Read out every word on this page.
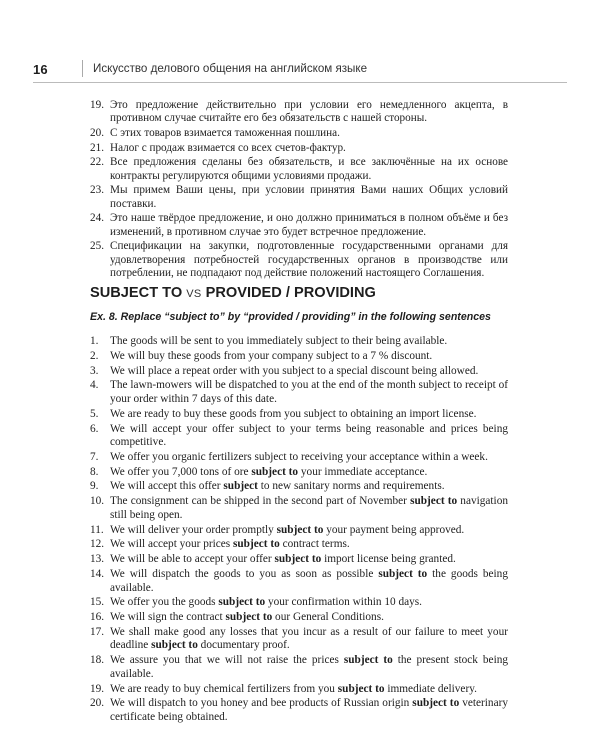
16	Искусство делового общения на английском языке
19. Это предложение действительно при условии его немедленного акцепта, в противном случае считайте его без обязательств с нашей стороны.
20. С этих товаров взимается таможенная пошлина.
21. Налог с продаж взимается со всех счетов-фактур.
22. Все предложения сделаны без обязательств, и все заключённые на их основе контракты регулируются общими условиями продажи.
23. Мы примем Ваши цены, при условии принятия Вами наших Общих условий поставки.
24. Это наше твёрдое предложение, и оно должно приниматься в полном объёме и без изменений, в противном случае это будет встречное предложение.
25. Спецификации на закупки, подготовленные государственными органами для удовлетворения потребностей государственных органов в производстве или потреблении, не подпадают под действие положений настоящего Соглашения.
SUBJECT TO VS PROVIDED / PROVIDING
Ex. 8. Replace “subject to” by “provided / providing” in the following sentences
1. The goods will be sent to you immediately subject to their being available.
2. We will buy these goods from your company subject to a 7 % discount.
3. We will place a repeat order with you subject to a special discount being allowed.
4. The lawn-mowers will be dispatched to you at the end of the month subject to receipt of your order within 7 days of this date.
5. We are ready to buy these goods from you subject to obtaining an import license.
6. We will accept your offer subject to your terms being reasonable and prices being competitive.
7. We offer you organic fertilizers subject to receiving your acceptance within a week.
8. We offer you 7,000 tons of ore subject to your immediate acceptance.
9. We will accept this offer subject to new sanitary norms and requirements.
10. The consignment can be shipped in the second part of November subject to navigation still being open.
11. We will deliver your order promptly subject to your payment being approved.
12. We will accept your prices subject to contract terms.
13. We will be able to accept your offer subject to import license being granted.
14. We will dispatch the goods to you as soon as possible subject to the goods being available.
15. We offer you the goods subject to your confirmation within 10 days.
16. We will sign the contract subject to our General Conditions.
17. We shall make good any losses that you incur as a result of our failure to meet your deadline subject to documentary proof.
18. We assure you that we will not raise the prices subject to the present stock being available.
19. We are ready to buy chemical fertilizers from you subject to immediate delivery.
20. We will dispatch to you honey and bee products of Russian origin subject to veterinary certificate being obtained.
